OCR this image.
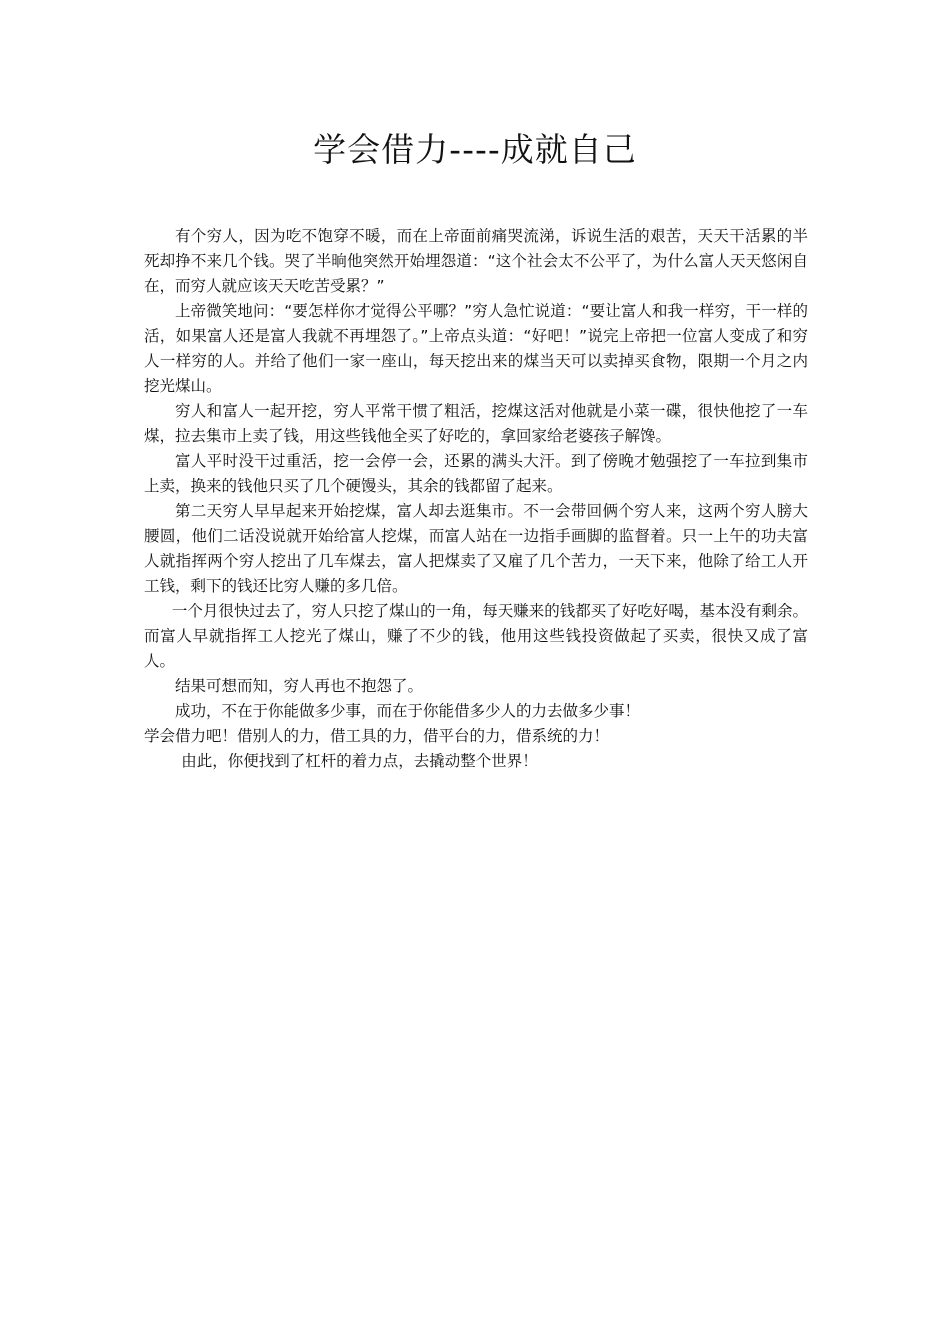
学会借力----成就自己

有个穷人，因为吃不饱穿不暖，而在上帝面前痛哭流涕，诉说生活的艰苦，天天干活累的半死却挣不来几个钱。哭了半晌他突然开始埋怨道：“这个社会太不公平了，为什么富人天天悠闲自在，而穷人就应该天天吃苦受累？”

上帝微笑地问：“要怎样你才觉得公平哪？”穷人急忙说道：“要让富人和我一样穷，干一样的活，如果富人还是富人我就不再埋怨了。”上帝点头道：“好吧！”说完上帝把一位富人变成了和穷人一样穷的人。并给了他们一家一座山，每天挖出来的煤当天可以卖掉买食物，限期一个月之内挖光煤山。

穷人和富人一起开挖，穷人平常干惯了粗活，挖煤这活对他就是小菜一碟，很快他挖了一车煤，拉去集市上卖了钱，用这些钱他全买了好吃的，拿回家给老婆孩子解馋。

富人平时没干过重活，挖一会停一会，还累的满头大汗。到了傍晚才勉强挖了一车拉到集市上卖，换来的钱他只买了几个硬馒头，其余的钱都留了起来。

第二天穷人早早起来开始挖煤，富人却去逛集市。不一会带回俩个穷人来，这两个穷人膀大腰圆，他们二话没说就开始给富人挖煤，而富人站在一边指手画脚的监督着。只一上午的功夫富人就指挥两个穷人挖出了几车煤去，富人把煤卖了又雇了几个苦力，一天下来，他除了给工人开工钱，剩下的钱还比穷人赚的多几倍。

一个月很快过去了，穷人只挖了煤山的一角，每天赚来的钱都买了好吃好喝，基本没有剩余。而富人早就指挥工人挖光了煤山，赚了不少的钱，他用这些钱投资做起了买卖，很快又成了富人。

结果可想而知，穷人再也不抱怨了。

成功，不在于你能做多少事，而在于你能借多少人的力去做多少事！

学会借力吧！借别人的力，借工具的力，借平台的力，借系统的力！

由此，你便找到了杠杆的着力点，去撬动整个世界！
